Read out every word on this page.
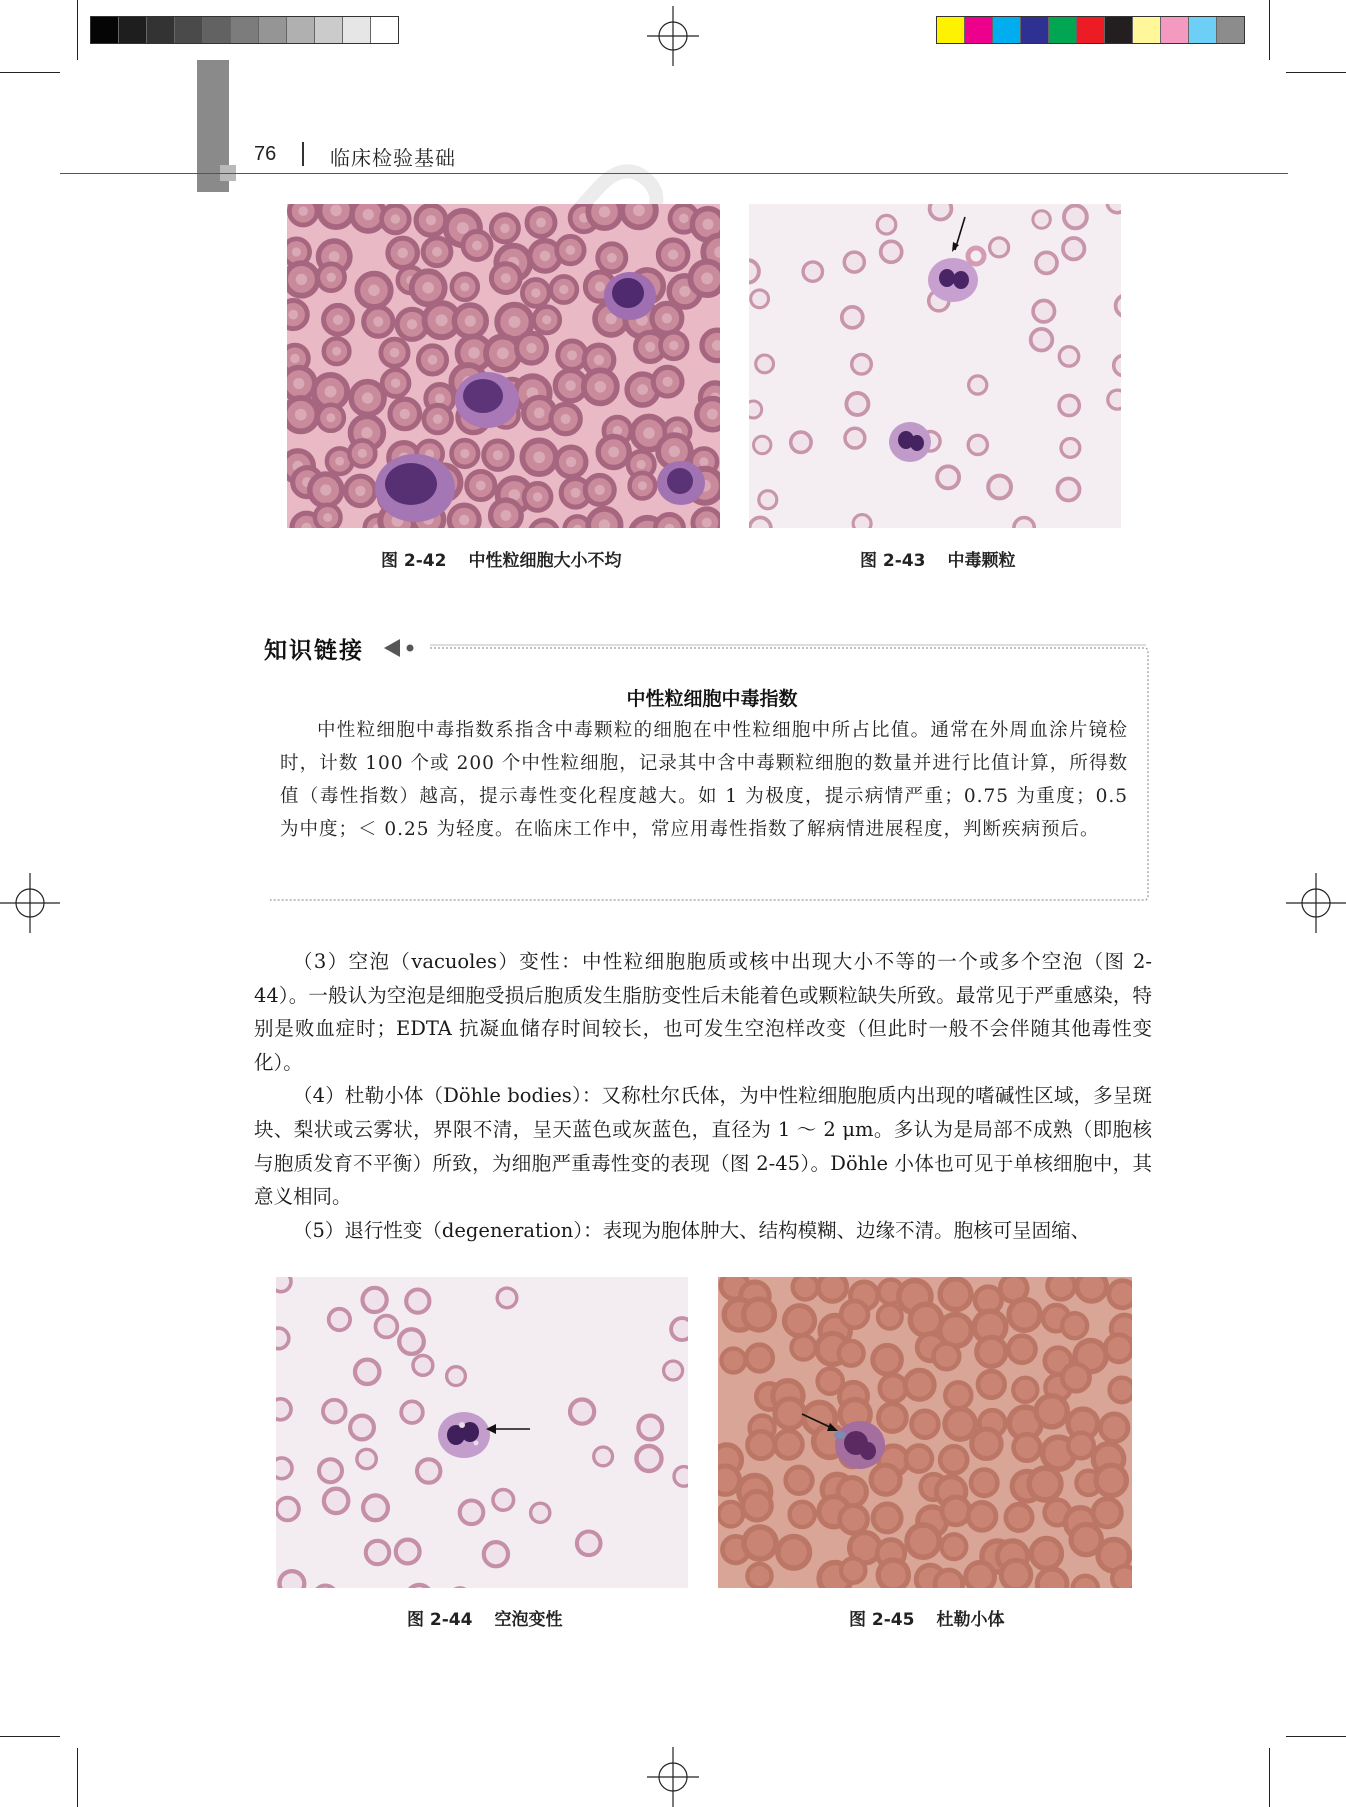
76	临床检验基础
图 2-42 中性粒细胞大小不均	图 2-43 中毒颗粒
知识链接
中性粒细胞中毒指数

中性粒细胞中毒指数系指含中毒颗粒的细胞在中性粒细胞中所占比值。通常在外周血涂片镜检时，计数 100 个或 200 个中性粒细胞，记录其中含中毒颗粒细胞的数量并进行比值计算，所得数值（毒性指数）越高，提示毒性变化程度越大。如 1 为极度，提示病情严重；0.75 为重度；0.5 为中度；＜ 0.25 为轻度。在临床工作中，常应用毒性指数了解病情进展程度，判断疾病预后。

（3）空泡（vacuoles）变性：中性粒细胞胞质或核中出现大小不等的一个或多个空泡（图 2-44）。一般认为空泡是细胞受损后胞质发生脂肪变性后未能着色或颗粒缺失所致。最常见于严重感染，特别是败血症时；EDTA 抗凝血储存时间较长，也可发生空泡样改变（但此时一般不会伴随其他毒性变化）。

（4）杜勒小体（Döhle bodies）：又称杜尔氏体，为中性粒细胞胞质内出现的嗜碱性区域，多呈斑块、梨状或云雾状，界限不清，呈天蓝色或灰蓝色，直径为 1 ～ 2 μm。多认为是局部不成熟（即胞核与胞质发育不平衡）所致，为细胞严重毒性变的表现（图 2-45）。Döhle 小体也可见于单核细胞中，其意义相同。

（5）退行性变（degeneration）：表现为胞体肿大、结构模糊、边缘不清。胞核可呈固缩、

图 2-44 空泡变性	图 2-45 杜勒小体
